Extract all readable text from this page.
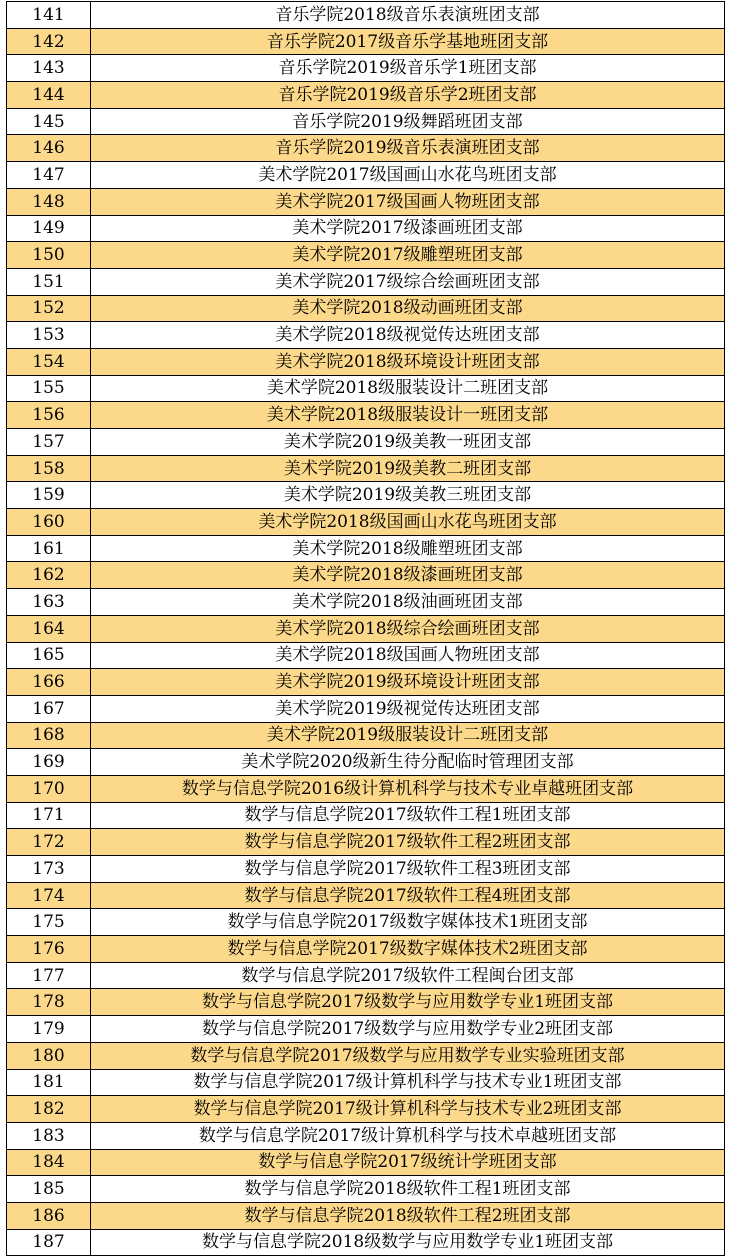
141	音乐学院2018级音乐表演班团支部
142	音乐学院2017级音乐学基地班团支部
143	音乐学院2019级音乐学1班团支部
144	音乐学院2019级音乐学2班团支部
145	音乐学院2019级舞蹈班团支部
146	音乐学院2019级音乐表演班团支部
147	美术学院2017级国画山水花鸟班团支部
148	美术学院2017级国画人物班团支部
149	美术学院2017级漆画班团支部
150	美术学院2017级雕塑班团支部
151	美术学院2017级综合绘画班团支部
152	美术学院2018级动画班团支部
153	美术学院2018级视觉传达班团支部
154	美术学院2018级环境设计班团支部
155	美术学院2018级服装设计二班团支部
156	美术学院2018级服装设计一班团支部
157	美术学院2019级美教一班团支部
158	美术学院2019级美教二班团支部
159	美术学院2019级美教三班团支部
160	美术学院2018级国画山水花鸟班团支部
161	美术学院2018级雕塑班团支部
162	美术学院2018级漆画班团支部
163	美术学院2018级油画班团支部
164	美术学院2018级综合绘画班团支部
165	美术学院2018级国画人物班团支部
166	美术学院2019级环境设计班团支部
167	美术学院2019级视觉传达班团支部
168	美术学院2019级服装设计二班团支部
169	美术学院2020级新生待分配临时管理团支部
170	数学与信息学院2016级计算机科学与技术专业卓越班团支部
171	数学与信息学院2017级软件工程1班团支部
172	数学与信息学院2017级软件工程2班团支部
173	数学与信息学院2017级软件工程3班团支部
174	数学与信息学院2017级软件工程4班团支部
175	数学与信息学院2017级数字媒体技术1班团支部
176	数学与信息学院2017级数字媒体技术2班团支部
177	数学与信息学院2017级软件工程闽台团支部
178	数学与信息学院2017级数学与应用数学专业1班团支部
179	数学与信息学院2017级数学与应用数学专业2班团支部
180	数学与信息学院2017级数学与应用数学专业实验班团支部
181	数学与信息学院2017级计算机科学与技术专业1班团支部
182	数学与信息学院2017级计算机科学与技术专业2班团支部
183	数学与信息学院2017级计算机科学与技术卓越班团支部
184	数学与信息学院2017级统计学班团支部
185	数学与信息学院2018级软件工程1班团支部
186	数学与信息学院2018级软件工程2班团支部
187	数学与信息学院2018级数学与应用数学专业1班团支部
